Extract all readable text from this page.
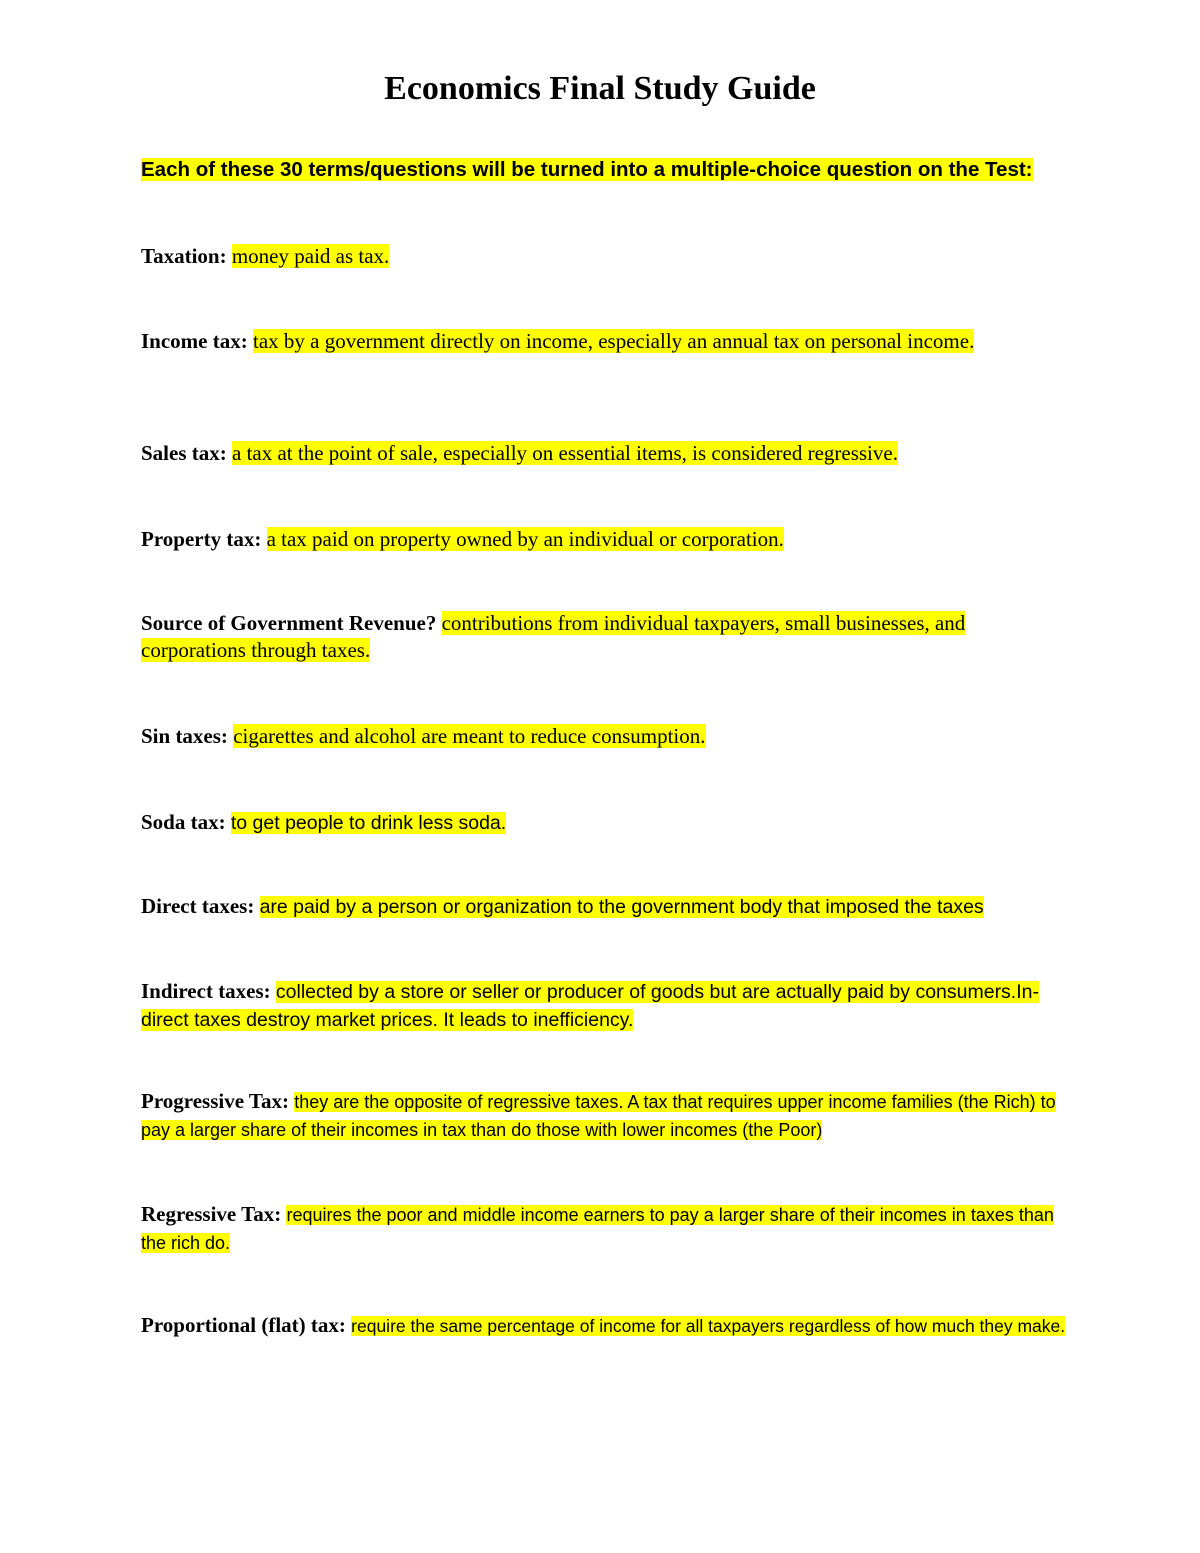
Economics Final Study Guide

Each of these 30 terms/questions will be turned into a multiple-choice question on the Test:

Taxation: money paid as tax.

Income tax: tax by a government directly on income, especially an annual tax on personal income.

Sales tax: a tax at the point of sale, especially on essential items, is considered regressive.

Property tax: a tax paid on property owned by an individual or corporation.

Source of Government Revenue? contributions from individual taxpayers, small businesses, and corporations through taxes.

Sin taxes: cigarettes and alcohol are meant to reduce consumption.

Soda tax: to get people to drink less soda.

Direct taxes: are paid by a person or organization to the government body that imposed the taxes

Indirect taxes: collected by a store or seller or producer of goods but are actually paid by consumers.In-direct taxes destroy market prices. It leads to inefficiency.

Progressive Tax: they are the opposite of regressive taxes. A tax that requires upper income families (the Rich) to pay a larger share of their incomes in tax than do those with lower incomes (the Poor)

Regressive Tax: requires the poor and middle income earners to pay a larger share of their incomes in taxes than the rich do.

Proportional (flat) tax: require the same percentage of income for all taxpayers regardless of how much they make.
